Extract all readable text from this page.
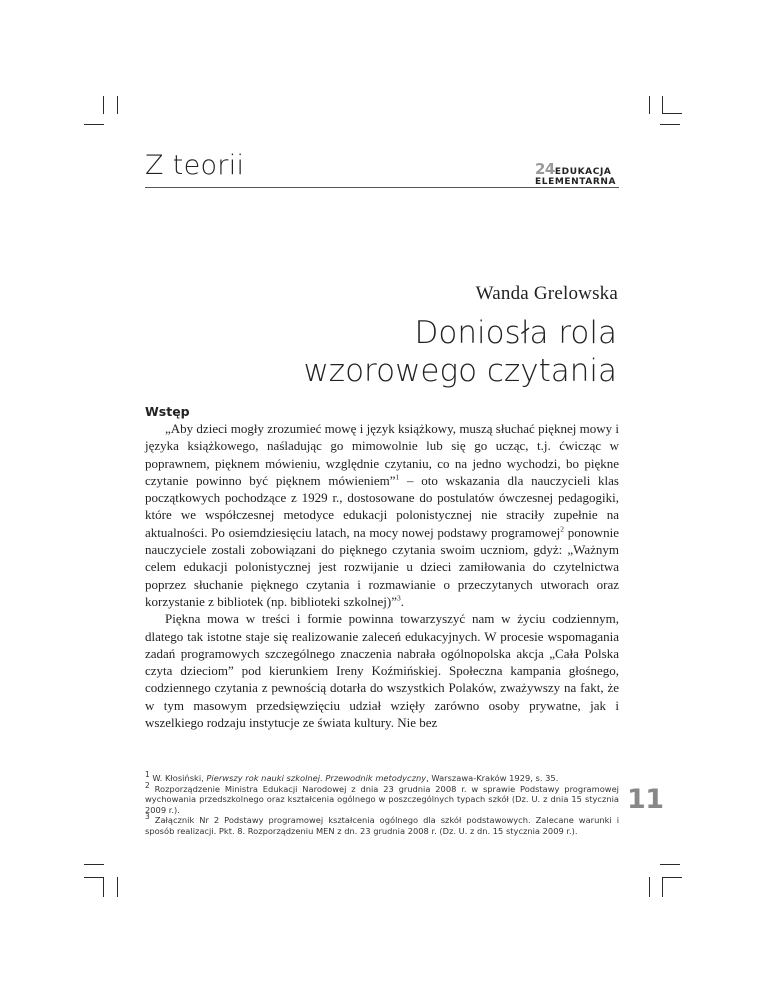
Z teorii	24EDUKACJA
ELEMENTARNA
Wanda Grelowska
Doniosła rola
wzorowego czytania
Wstęp

„Aby dzieci mogły zrozumieć mowę i język książkowy, muszą słuchać pięknej mowy i języka książkowego, naśladując go mimowolnie lub się go ucząc, t.j. ćwicząc w poprawnem, pięknem mówieniu, względnie czytaniu, co na jedno wychodzi, bo piękne czytanie powinno być pięknem mówieniem”$^1$ – oto wskazania dla nauczycieli klas początkowych pochodzące z 1929 r., dostosowane do postulatów ówczesnej pedagogiki, które we współczesnej metodyce edukacji polonistycznej nie straciły zupełnie na aktualności. Po osiemdziesięciu latach, na mocy nowej podstawy programowej$^2$ ponownie nauczyciele zostali zobowiązani do pięknego czytania swoim uczniom, gdyż: „Ważnym celem edukacji polonistycznej jest rozwijanie u dzieci zamiłowania do czytelnictwa poprzez słuchanie pięknego czytania i rozmawianie o przeczytanych utworach oraz korzystanie z bibliotek (np. biblioteki szkolnej)”$^3$.

Piękna mowa w treści i formie powinna towarzyszyć nam w życiu codziennym, dlatego tak istotne staje się realizowanie zaleceń edukacyjnych. W procesie wspomagania zadań programowych szczególnego znaczenia nabrała ogólnopolska akcja „Cała Polska czyta dzieciom” pod kierunkiem Ireny Koźmińskiej. Społeczna kampania głośnego, codziennego czytania z pewnością dotarła do wszystkich Polaków, zważywszy na fakt, że w tym masowym przedsięwzięciu udział wzięły zarówno osoby prywatne, jak i wszelkiego rodzaju instytucje ze świata kultury. Nie bez

$^1$ W. Kłosiński, Pierwszy rok nauki szkolnej. Przewodnik metodyczny, Warszawa-Kraków 1929, s. 35.

$^2$ Rozporządzenie Ministra Edukacji Narodowej z dnia 23 grudnia 2008 r. w sprawie Podstawy programowej wychowania przedszkolnego oraz kształcenia ogólnego w poszczególnych typach szkół (Dz. U. z dnia 15 stycznia 2009 r.).

$^3$ Załącznik Nr 2 Podstawy programowej kształcenia ogólnego dla szkół podstawowych. Zalecane warunki i sposób realizacji. Pkt. 8. Rozporządzeniu MEN z dn. 23 grudnia 2008 r. (Dz. U. z dn. 15 stycznia 2009 r.).

11
